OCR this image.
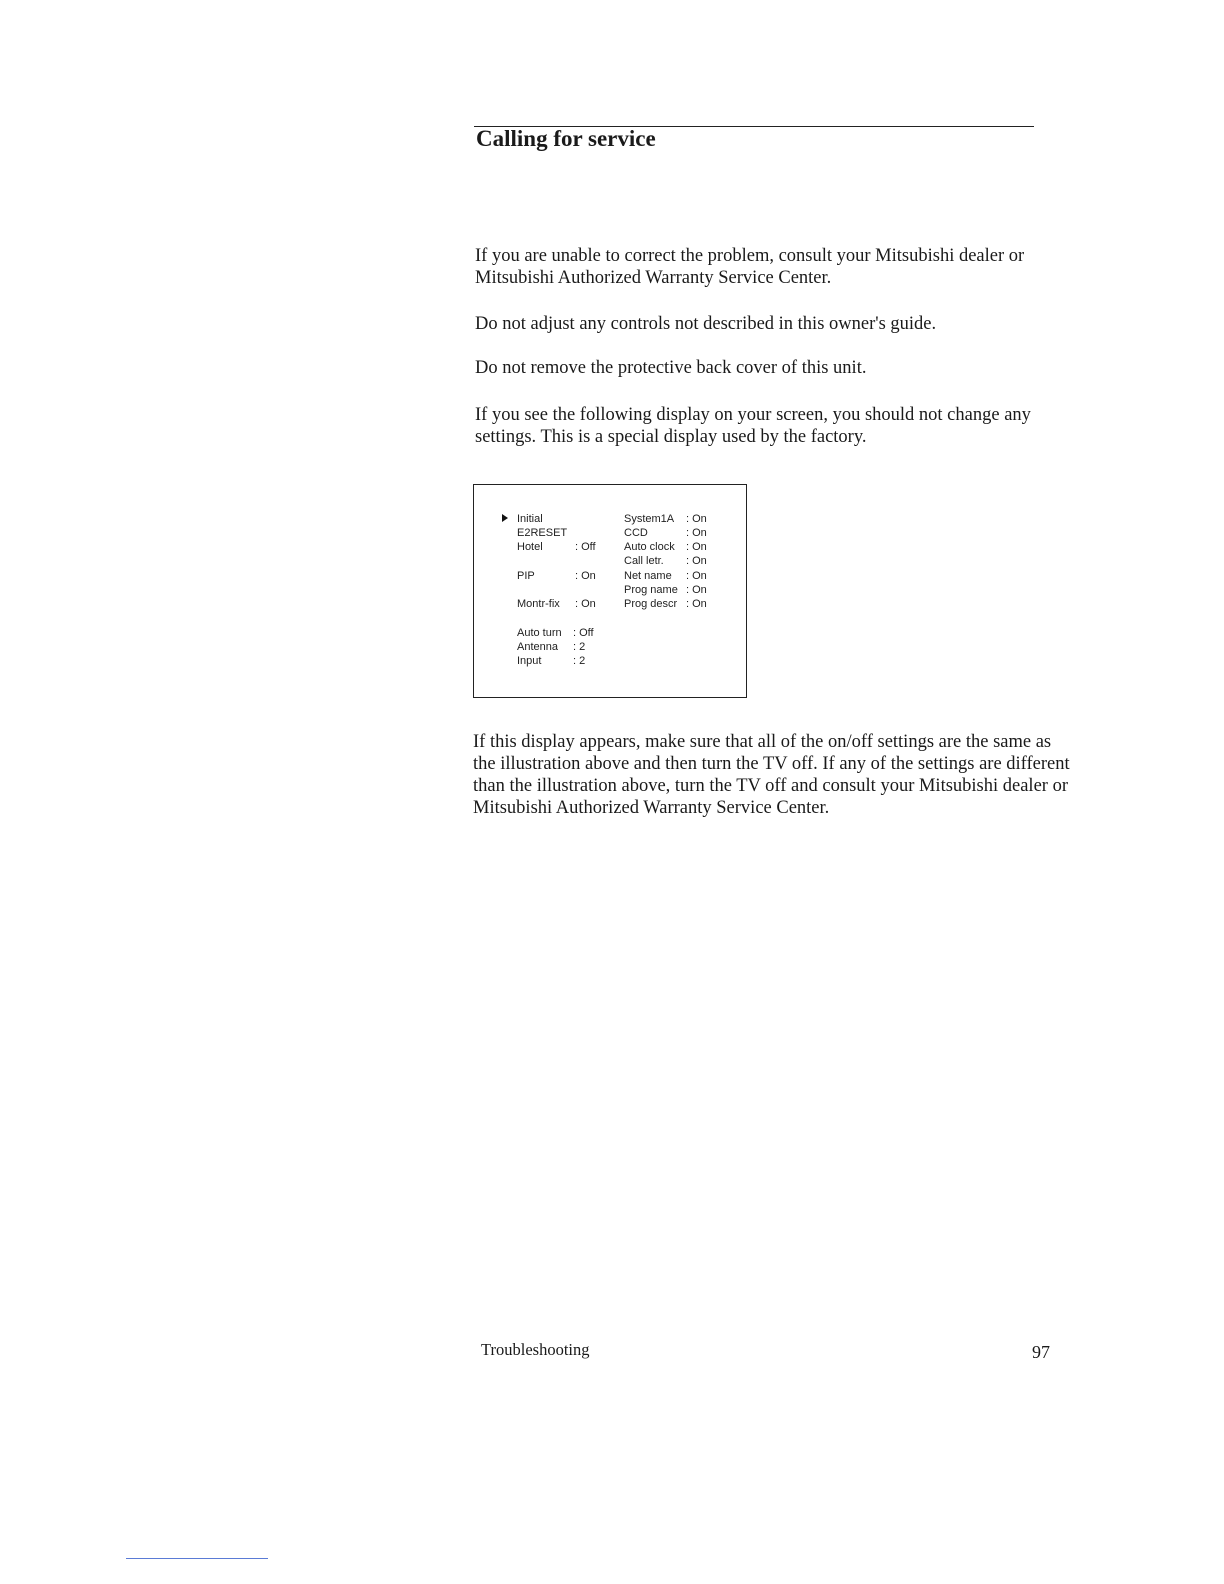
Calling for service

If you are unable to correct the problem, consult your Mitsubishi dealer or Mitsubishi Authorized Warranty Service Center.

Do not adjust any controls not described in this owner's guide.

Do not remove the protective back cover of this unit.

If you see the following display on your screen, you should not change any settings. This is a special display used by the factory.

Initial
E2RESET
Hotel	: Off
PIP	: On
Montr-fix : On
Auto turn : Off
Antenna : 2
Input	: 2
System1A : On
CCD	: On
Auto clock : On
Call letr. : On
Net name : On
Prog name : On
Prog descr : On

If this display appears, make sure that all of the on/off settings are the same as the illustration above and then turn the TV off. If any of the settings are different than the illustration above, turn the TV off and consult your Mitsubishi dealer or Mitsubishi Authorized Warranty Service Center.

Troubleshooting	97
